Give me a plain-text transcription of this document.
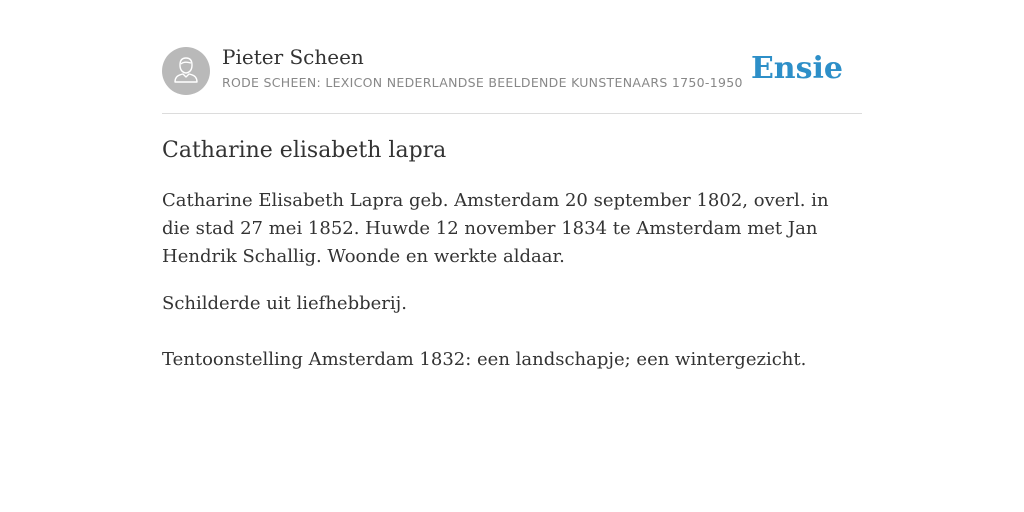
Pieter Scheen
RODE SCHEEN: LEXICON NEDERLANDSE BEELDENDE KUNSTENAARS 1750-1950 Ensie
Catharine elisabeth lapra

Catharine Elisabeth Lapra geb. Amsterdam 20 september 1802, overl. in die stad 27 mei 1852. Huwde 12 november 1834 te Amsterdam met Jan Hendrik Schallig. Woonde en werkte aldaar.

Schilderde uit liefhebberij.

Tentoonstelling Amsterdam 1832: een landschapje; een wintergezicht.
